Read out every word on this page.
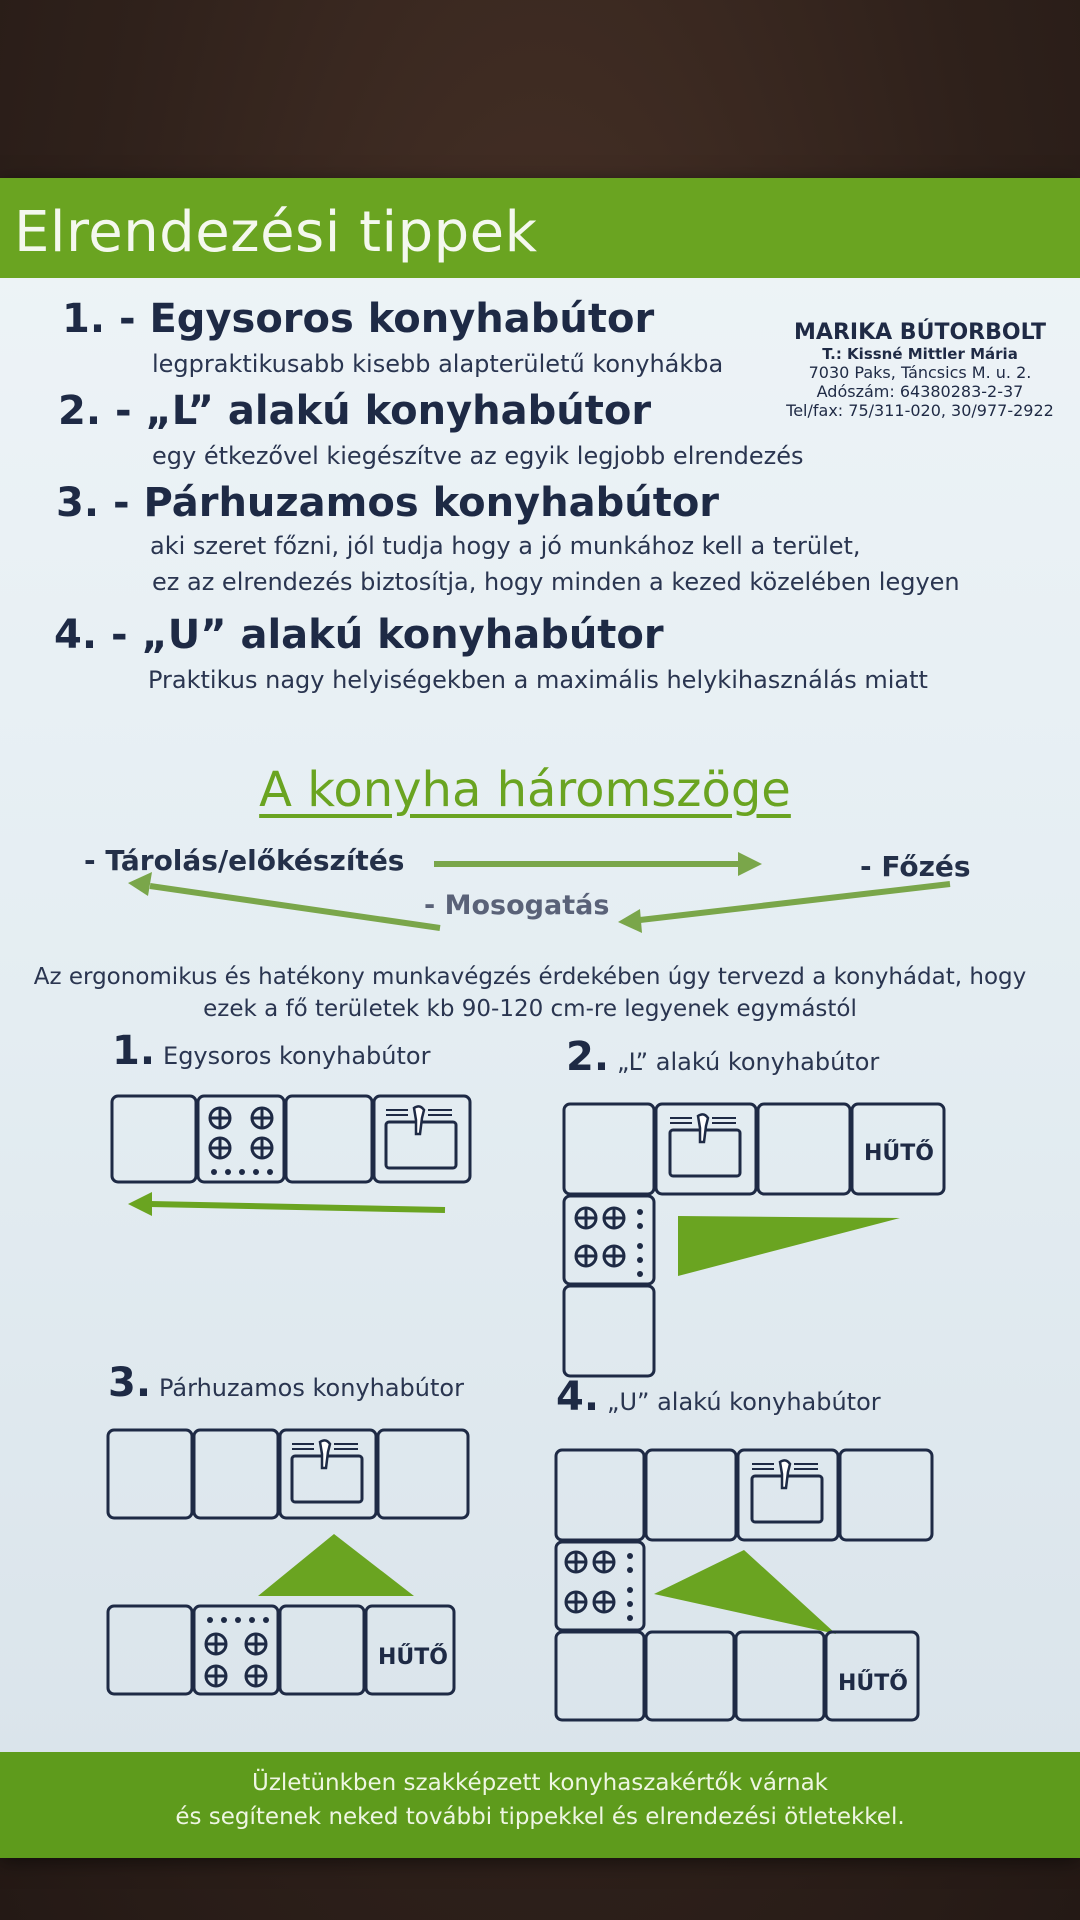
Elrendezési tippek
1. - Egysoros konyhabútor
legpraktikusabb kisebb alapterületű konyhákba
2. - „L” alakú konyhabútor
egy étkezővel kiegészítve az egyik legjobb elrendezés
3. - Párhuzamos konyhabútor
aki szeret főzni, jól tudja hogy a jó munkához kell a terület,
ez az elrendezés biztosítja, hogy minden a kezed közelében legyen
4. - „U” alakú konyhabútor
Praktikus nagy helyiségekben a maximális helykihasználás miatt
MARIKA BÚTORBOLT
T.: Kissné Mittler Mária
7030 Paks, Táncsics M. u. 2.
Adószám: 64380283-2-37
Tel/fax: 75/311-020, 30/977-2922
A konyha háromszöge
- Tárolás/előkészítés	- Főzés
- Mosogatás
Az ergonomikus és hatékony munkavégzés érdekében úgy tervezd a konyhádat, hogy
ezek a fő területek kb 90-120 cm-re legyenek egymástól
1. Egysoros konyhabútor	2. „L” alakú konyhabútor
3. Párhuzamos konyhabútor 4. „U” alakú konyhabútor
HŰTŐ
HŰTŐ
HŰTŐ

Üzletünkben szakképzett konyhaszakértők várnak

és segítenek neked további tippekkel és elrendezési ötletekkel.
